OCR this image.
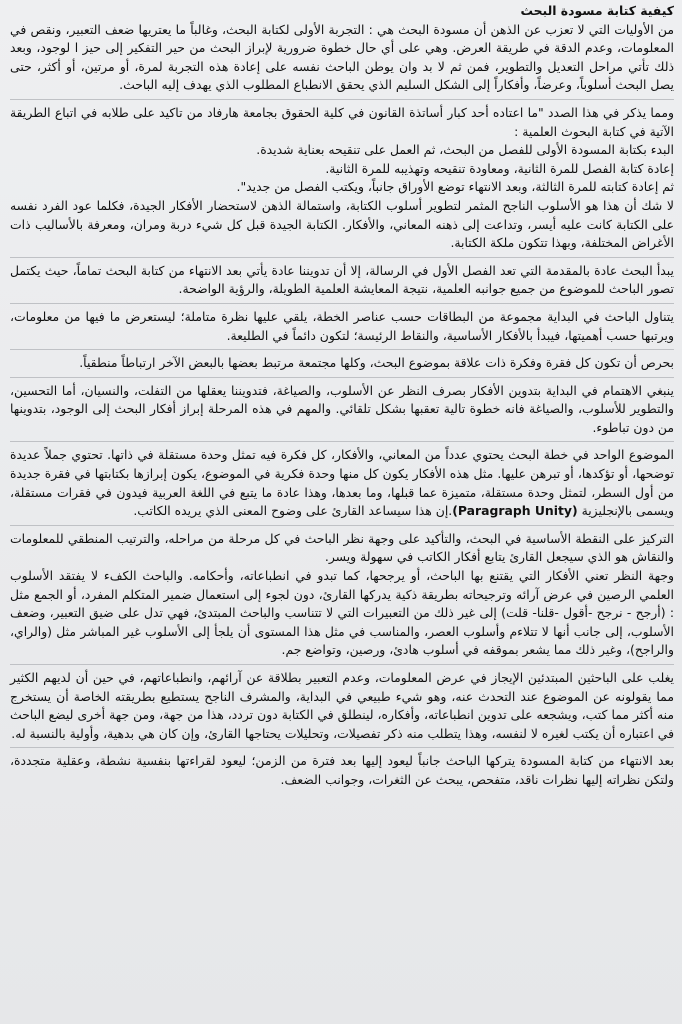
كيفية كتابة مسودة البحث

من الأوليات التي لا تعزب عن الذهن أن مسودة البحث هي : التجربة الأولى لكتابة البحث، وغالباً ما يعتريها ضعف التعبير، ونقص في المعلومات، وعدم الدقة في طريقة العرض. وهي على أي حال خطوة ضرورية لإبراز البحث من حير التفكير إلى حيز ا لوجود، وبعد ذلك تأتي مراحل التعديل والتطوير، فمن ثم لا بد وان يوطن الباحث نفسه على إعادة هذه التجربة لمرة، أو مرتين، أو أكثر، حتى يصل البحث أسلوباً، وعرضاً، وأفكاراً إلى الشكل السليم الذي يحقق الانطباع المطلوب الذي يهدف إليه الباحث.

ومما يذكر في هذا الصدد "ما اعتاده أحد كبار أساتذة القانون في كلية الحقوق بجامعة هارفاد من تاكيد على طلابه في اتباع الطريقة الآتية في كتابة البحوث العلمية :

البدء بكتابة المسودة الأولى للفصل من البحث، ثم العمل على تنقيحه بعناية شديدة.

إعادة كتابة الفصل للمرة الثانية، ومعاودة تنقيحه وتهذيبه للمرة الثانية.

ثم إعادة كتابته للمرة الثالثة، وبعد الانتهاء توضع الأوراق جانباً، ويكتب الفصل من جديد".

لا شك أن هذا هو الأسلوب الناجح المثمر لتطوير أسلوب الكتابة، واستمالة الذهن لاستحضار الأفكار الجيدة، فكلما عود الفرد نفسه على الكتابة كانت عليه أيسر، وتداعت إلى ذهنه المعاني، والأفكار. الكتابة الجيدة قبل كل شيء دربة ومران، ومعرفة بالأساليب ذات الأغراض المختلفة، وبهذا تتكون ملكة الكتابة.

يبدأ البحث عادة بالمقدمة التي تعد الفصل الأول في الرسالة، إلا أن تدويننا عادة يأتي بعد الانتهاء من كتابة البحث تماماً، حيث يكتمل تصور الباحث للموضوع من جميع جوانبه العلمية، نتيجة المعايشة العلمية الطويلة، والرؤية الواضحة.

يتناول الباحث في البداية مجموعة من البطاقات حسب عناصر الخطة، يلقي عليها نظرة متاملة؛ ليستعرض ما فيها من معلومات، ويرتبها حسب أهميتها، فيبدأ بالأفكار الأساسية، والنقاط الرئيسة؛ لتكون دائماً في الطليعة.

بحرص أن تكون كل فقرة وفكرة ذات علاقة بموضوع البحث، وكلها مجتمعة مرتبط بعضها بالبعض الآخر ارتباطاً منطقياً.

ينبغي الاهتمام في البداية بتدوين الأفكار بصرف النظر عن الأسلوب، والصياغة، فتدويننا يعقلها من التفلت، والنسيان، أما التحسين، والتطوير للأسلوب، والصياغة فانه خطوة تالية تعقبها بشكل تلقائي. والمهم في هذه المرحلة إبراز أفكار البحث إلى الوجود، بتدوينها من دون تباطوء.

الموضوع الواحد في خطة البحث يحتوي عدداً من المعاني، والأفكار، كل فكرة فيه تمثل وحدة مستقلة في ذاتها. تحتوي جملاً عديدة توضحها، أو تؤكدها، أو تبرهن عليها. مثل هذه الأفكار يكون كل منها وحدة فكرية في الموضوع، يكون إبرازها بكتابتها في فقرة جديدة من أول السطر، لتمثل وحدة مستقلة، متميزة عما قبلها، وما بعدها، وهذا عادة ما يتبع في اللغة العربية فيدون في فقرات مستقلة، ويسمى بالإنجليزية (Paragraph Unity).إن هذا سيساعد القارئ على وضوح المعنى الذي يريده الكاتب.

التركيز على النقطة الأساسية في البحث، والتأكيد على وجهة نظر الباحث في كل مرحلة من مراحله، والترتيب المنطقي للمعلومات والنقاش هو الذي سيجعل القارئ يتابع أفكار الكاتب في سهولة ويسر.

وجهة النظر تعني الأفكار التي يقتنع بها الباحث، أو يرجحها، كما تبدو في انطباعاته، وأحكامه. والباحث الكفء لا يفتقد الأسلوب العلمي الرصين في عرض آرائه وترجيحاته بطريقة ذكية يدركها القارئ، دون لجوء إلى استعمال ضمير المتكلم المفرد، أو الجمع مثل : (أرجح - نرجح -أقول -قلنا- قلت) إلى غير ذلك من التعبيرات التي لا تتناسب والباحث المبتدئ، فهي تدل على ضيق التعبير، وضعف الأسلوب، إلى جانب أنها لا تتلاءم وأسلوب العصر، والمناسب في مثل هذا المستوى أن يلجأ إلى الأسلوب غير المباشر مثل (والراي، والراجح)، وغير ذلك مما يشعر بموقفه في أسلوب هادئ، ورصين، وتواضع جم.

يغلب على الباحثين المبتدئين الإيجاز في عرض المعلومات، وعدم التعبير بطلاقة عن آرائهم، وانطباعاتهم، في حين أن لديهم الكثير مما يقولونه عن الموضوع عند التحدث عنه، وهو شيء طبيعي في البداية، والمشرف الناجح يستطيع بطريقته الخاصة أن يستخرج منه أكثر مما كتب، ويشجعه على تدوين انطباعاته، وأفكاره، لينطلق في الكتابة دون تردد، هذا من جهة، ومن جهة أخرى ليضع الباحث في اعتباره أن يكتب لغيره لا لنفسه، وهذا يتطلب منه ذكر تفصيلات، وتحليلات يحتاجها القارئ، وإن كان هي بدهية، وأولية بالنسبة له.

بعد الانتهاء من كتابة المسودة يتركها الباحث جانباً ليعود إليها بعد فترة من الزمن؛ ليعود لقراءتها بنفسية نشطة، وعقلية متجددة، ولتكن نظراته إليها نظرات ناقد، متفحص، يبحث عن الثغرات، وجوانب الضعف.
